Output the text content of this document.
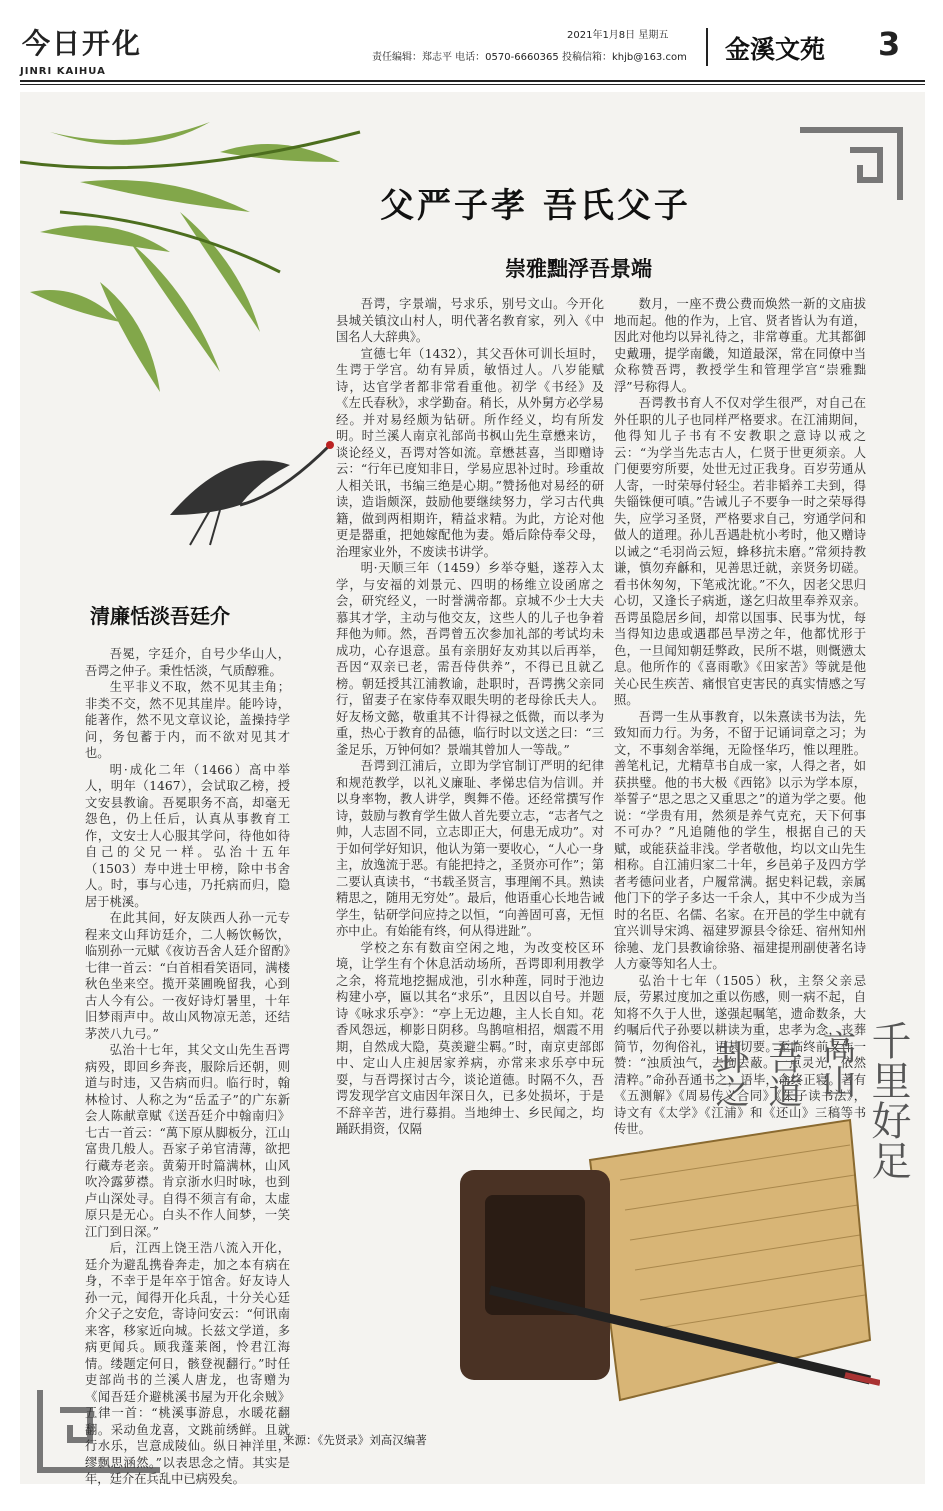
今日开化
JINRI KAIHUA
2021年1月8日 星期五
责任编辑：郑志平 电话：0570-6660365 投稿信箱：khjb@163.com 金溪文苑 3
父严子孝 吾氏父子
崇雅黜浮吾景端
清廉恬淡吾廷介

吾冕，字廷介，自号少华山人，吾谔之仲子。秉性恬淡，气质醇雅。

生平非义不取，然不见其圭角；非类不交，然不见其崖岸。能吟诗，能著作，然不见文章议论，盖操持学问，务包蓄于内，而不欲对见其才也。

明·成化二年（1466）高中举人，明年（1467），会试取乙榜，授文安县教谕。吾冕职务不高，却毫无怨色，仍上任后，认真从事教育工作，文安士人心服其学问，待他如待自己的父兄一样。弘治十五年（1503）寿中进士甲榜，除中书舍人。时，事与心违，乃托病而归，隐居于桃溪。

在此其间，好友陕西人孙一元专程来文山拜访廷介，二人畅饮畅饮，临别孙一元赋《夜访吾舍人廷介留酌》七律一首云：“白首相看笑语同，满楼秋色坐来空。揽开菜圃晚留我，心到古人今有公。一夜好诗灯暑里，十年旧梦雨声中。故山风物凉无恙，还结茅茨八九弓。”

弘治十七年，其父文山先生吾谔病殁，即回乡奔丧，服除后还朝，则道与时违，又告病而归。临行时，翰林检讨、人称之为“岳孟子”的广东新会人陈献章赋《送吾廷介中翰南归》七古一首云：“萬下原从脚板分，江山富贵几般人。吾家子弟官清薄，欲把行藏寿老亲。黄菊开时篇满林，山风吹冷露萝襟。肯京浙水归时咏，也到卢山深处寻。自得不须言有命，太虚原只是无心。白头不作人间梦，一笑江门到日深。”

后，江西上饶王浩八流入开化，廷介为避乱携眷奔走，加之本有病在身，不幸于是年卒于馆舍。好友诗人孙一元，闻得开化兵乱，十分关心廷介父子之安危，寄诗问安云：“何讯南来客，移家近向城。长兹文学道，多病更闻兵。顾我蓬莱阁，怜君江海情。缕题定何日，骸登视翻行。”时任吏部尚书的兰溪人唐龙，也寄赠为《闻吾廷介避桃溪书屋为开化余贼》五律一首：“桃溪事游息，水暖花翻翻。采动鱼龙喜，文跳前绣鲜。且就行水乐，岂意成陵仙。纵日神洋里，缪飘思涵然。”以表思念之情。其实是年，廷介在兵乱中已病殁矣。

吾谔，字景端，号求乐，别号文山。今开化县城关镇汶山村人，明代著名教育家，列入《中国名人大辞典》。

宣德七年（1432），其父吾休可训长垣时，生谔于学宫。幼有异质，敏悟过人。八岁能赋诗，达官学者都非常看重他。初学《书经》及《左氏春秋》，求学勤奋。稍长，从外舅方必学易经。并对易经颇为钻研。所作经义，均有所发明。时兰溪人南京礼部尚书枫山先生章懋来访，谈论经义，吾谔对答如流。章懋甚喜，当即赠诗云：“行年已度知非日，学易应思补过时。珍重故人相关讯，书编三绝是心期。”赞扬他对易经的研读，造诣颇深，鼓励他要继续努力，学习古代典籍，做到两相期许，精益求精。为此，方论对他更是器重，把她嫁配他为妻。婚后除侍奉父母，治理家业外，不废读书讲学。

明·天顺三年（1459）乡举夺魁，遂荐入太学，与安福的刘景元、四明的杨维立设函席之会，研究经义，一时誉满帝都。京城不少士大夫慕其才学，主动与他交友，这些人的儿子也争着拜他为师。然，吾谔曾五次参加礼部的考试均未成功，心存退意。虽有亲朋好友劝其以后再举，吾因“双亲已老，需吾侍供养”，不得已且就乙榜。朝廷授其江浦教谕，赴职时，吾谔携父亲同行，留妻子在家侍奉双眼失明的老母徐氏夫人。好友杨文懿，敬重其不计得禄之低微，而以孝为重，热心于教育的品德，临行时以文送之曰：“三釜足乐，万钟何如？景端其曾加人一等哉。”

吾谔到江浦后，立即为学官制订严明的纪律和规范教学，以礼义廉耻、孝悌忠信为信训。并以身率物，教人讲学，舆舞不倦。还经常撰写作诗，鼓励与教育学生做人首先要立志，“志者气之帅，人志固不同，立志即正大，何患无成功”。对于如何学好知识，他认为第一要收心，“人心一身主，放逸流于恶。有能把持之，圣贤亦可作”；第二要认真读书，“书载圣贤言，事理阐不具。熟读精思之，随用无穷处”。最后，他语重心长地告诫学生，钻研学问应持之以恒，“向善固可喜，无恒亦中止。有始能有终，何从得进趾”。

学校之东有数亩空闲之地，为改变校区环境，让学生有个休息活动场所，吾谔即利用教学之余，将荒地挖掘成池，引水种莲，同时于池边构建小亭，匾以其名“求乐”，且因以自号。并题诗《咏求乐亭》：“亭上无边趣，主人长自知。花香风怨远，柳影日阴移。鸟鹊喧相招，烟霞不用期，自然成大隐，莫羡避尘羁。”时，南京吏部郎中、定山人庄昶居家养病，亦常来求乐亭中玩耍，与吾谔探讨古今，谈论道德。时隔不久，吾谔发现学宫文庙因年深日久，已多处损坏，于是不辞辛苦，进行募捐。当地绅士、乡民闻之，均踊跃捐资，仅隔

数月，一座不费公费而焕然一新的文庙拔地而起。他的作为，上官、贤者皆认为有道，因此对他均以异礼待之，非常尊重。尤其都御史戴珊，提学南畿，知道最深，常在同僚中当众称赞吾谔，教授学生和管理学宫“崇雅黜浮”号称得人。

吾谔教书育人不仅对学生很严，对自己在外任职的儿子也同样严格要求。在江浦期间，他得知儿子书有不安教职之意诗以戒之云：“为学当先志古人，仁贤于世更须亲。人门便要穷所要，处世无过正我身。百岁劳通从人寄，一时荣辱付轻尘。若非韬养工夫到，得失锱铢便可嗔。”告诫儿子不要争一时之荣辱得失，应学习圣贤，严格要求自己，穷通学问和做人的道理。孙儿吾遇赴杭小考时，他又赠诗以诫之“毛羽尚云短，蜂移抗未磨。”常须持教谦，慎勿弃龢和，见善思迁就，亲贤务切磋。看书休匆匆，下笔戒沈讹。”不久，因老父思归心切，又逢长子病逝，遂乞归故里奉养双亲。吾谔虽隐居乡间，却常以国事、民事为忧，每当得知边患或遇郡邑旱涝之年，他都忧形于色，一旦闻知朝廷弊政，民所不堪，则慨懑太息。他所作的《喜雨歌》《田家苦》等就是他关心民生疾苦、痛恨官吏害民的真实情感之写照。

吾谔一生从事教育，以朱熹读书为法，先致知而力行。为务，不留于记诵词章之习；为文，不事刻舍举绳，无险怪华巧，惟以理胜。善笔札记，尤精草书自成一家，人得之者，如获拱璧。他的书大极《西铭》以示为学本原，举誓子“思之思之又重思之”的道为学之要。他说：“学贵有用，然须是养气克充，天下何事不可办？”凡追随他的学生，根据自己的天赋，或能获益非浅。学者敬他，均以文山先生相称。自江浦归家二十年，乡邑弟子及四方学者考德问业者，户履常满。据史料记载，亲属他门下的学子多达一千余人，其中不少成为当时的名臣、名儒、名家。在开邑的学生中就有宜兴训导宋鸿、福建罗源县令徐廷、宿州知州徐驰、龙门县教谕徐骆、福建提刑副使著名诗人方豪等知名人士。

弘治十七年（1505）秋，主祭父亲忌辰，劳累过度加之重以伤感，则一病不起，自知将不久于人世，遂强起嘱笔，遗命数条，大约嘱后代子孙要以耕读为重，忠孝为念，丧葬简节，勿徇俗礼，语甚切要。至临终前又作一赞：“浊质浊气，去拘去蔽。一点灵光，依然清粹。”命孙吾通书之，语毕，命终正寝。著有《五测解》《周易传义合同》《朱子读书法》，诗文有《太学》《江浦》和《还山》三稿等书传世。	千里好足
高山
吾道
卦之
来源：《先贤录》刘高汉编著
